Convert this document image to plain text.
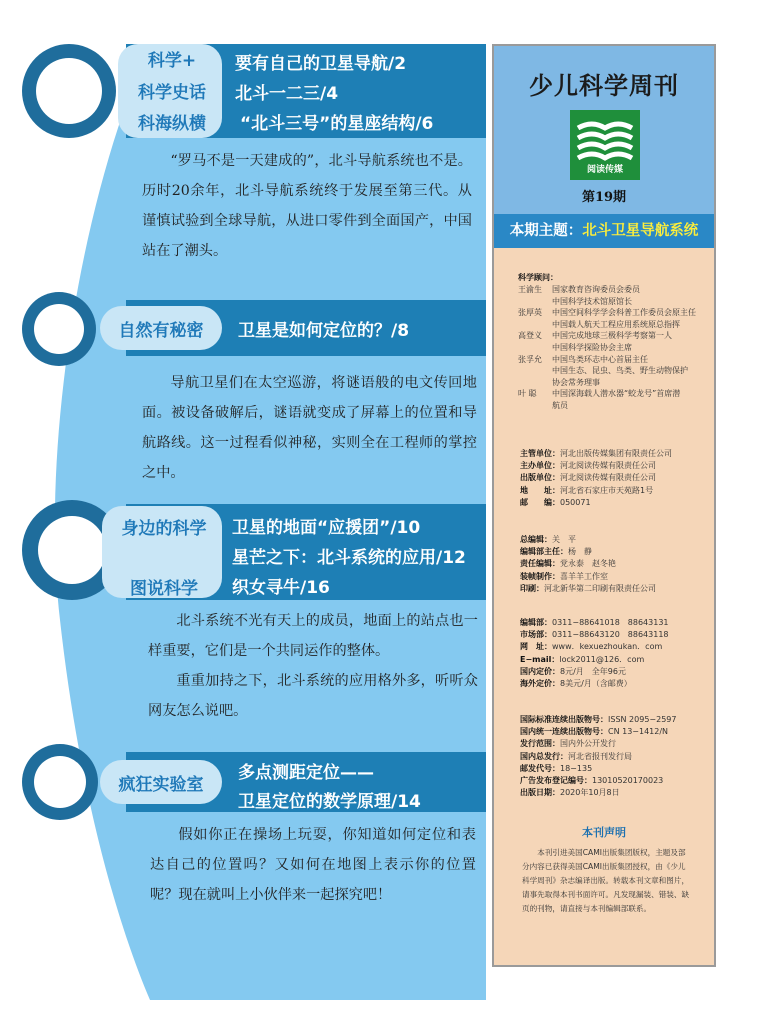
科学+
科学史话
科海纵横
要有自己的卫星导航/2
北斗一二三/4
“北斗三号”的星座结构/6

“罗马不是一天建成的”，北斗导航系统也不是。历时20余年，北斗导航系统终于发展至第三代。从谨慎试验到全球导航，从进口零件到全面国产，中国站在了潮头。

自然有秘密	卫星是如何定位的？/8

导航卫星们在太空巡游，将谜语般的电文传回地面。被设备破解后，谜语就变成了屏幕上的位置和导航路线。这一过程看似神秘，实则全在工程师的掌控之中。

身边的科学
图说科学
卫星的地面“应援团”/10
星芒之下：北斗系统的应用/12
织女寻牛/16

北斗系统不光有天上的成员，地面上的站点也一样重要，它们是一个共同运作的整体。

重重加持之下，北斗系统的应用格外多，听听众网友怎么说吧。

疯狂实验室
多点测距定位——
卫星定位的数学原理/14

假如你正在操场上玩耍，你知道如何定位和表达自己的位置吗？又如何在地图上表示你的位置呢？现在就叫上小伙伴来一起探究吧！

少儿科学周刊
阅读传媒
第19期
本期主题：北斗卫星导航系统
科学顾问：
王渝生 国家教育咨询委员会委员
中国科学技术馆原馆长
张厚英 中国空间科学学会科普工作委员会原主任
中国载人航天工程应用系统原总指挥
高登义 中国完成地球三极科学考察第一人
中国科学探险协会主席
张孚允 中国鸟类环志中心首届主任
中国生态、昆虫、鸟类、野生动物保护
协会常务理事
叶 聪 中国深海载人潜水器“蛟龙号”首席潜
航员
主管单位：河北出版传媒集团有限责任公司
主办单位：河北阅读传媒有限责任公司
出版单位：河北阅读传媒有限责任公司
地　　址：河北省石家庄市天苑路1号
邮　　编：050071
总编辑：关　平
编辑部主任：杨　静
责任编辑：党永泰　赵冬艳
装帧制作：喜羊羊工作室
印刷：河北新华第二印刷有限责任公司
编辑部：0311−88641018　88643131
市场部：0311−88643120　88643118
网　址：www．kexuezhoukan．com
E−mail：lock2011@126．com
国内定价：8元/月　全年96元
海外定价：8美元/月（含邮费）
国际标准连续出版物号：ISSN 2095−2597
国内统一连续出版物号：CN 13−1412/N
发行范围：国内外公开发行
国内总发行：河北省报刊发行局
邮发代号：18−135
广告发布登记编号：13010520170023
出版日期：2020年10月8日
本刊声明
本刊引进美国CAMI出版集团版权，主题及部分内容已获得美国CAMI出版集团授权，由《少儿科学周刊》杂志编译出版。转载本刊文章和图片，请事先取得本刊书面许可。凡发现漏装、错装、缺页的刊物，请直接与本刊编辑部联系。
